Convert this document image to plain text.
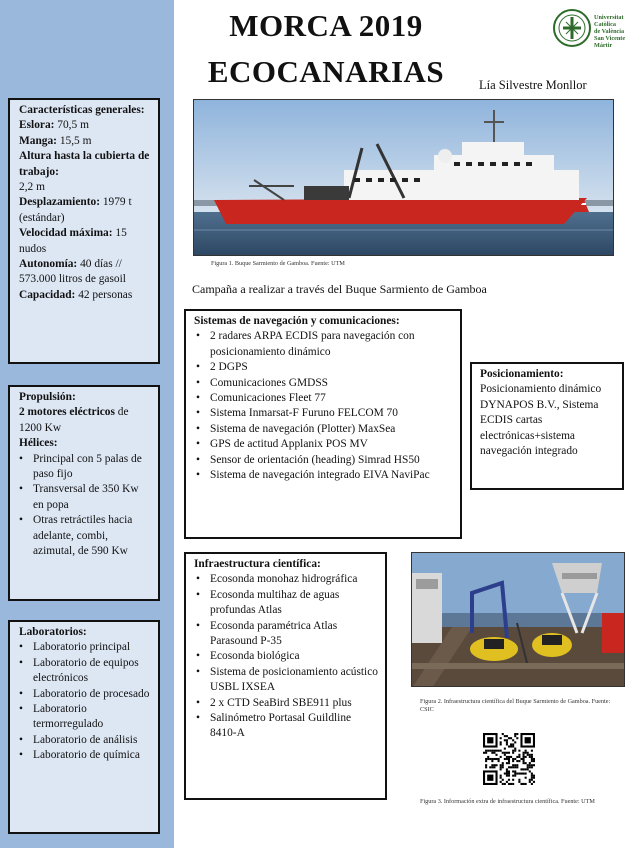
Características generales:
Eslora: 70,5 m
Manga: 15,5 m
Altura hasta la cubierta de trabajo:
2,2 m
Desplazamiento: 1979 t (estándar)
Velocidad máxima: 15 nudos
Autonomía: 40 días // 573.000 litros de gasoil
Capacidad: 42 personas
Propulsión:
2 motores eléctricos de 1200 Kw
Hélices:
• Principal con 5 palas de paso fijo
• Transversal de 350 Kw en popa
• Otras retráctiles hacia adelante, combi, azimutal, de 590 Kw
Laboratorios:
• Laboratorio principal
• Laboratorio de equipos electrónicos
• Laboratorio de procesado
• Laboratorio termorregulado
• Laboratorio de análisis
• Laboratorio de química
MORCA 2019
ECOCANARIAS	Lía Silvestre Monllor
Universitat
Catòlica
de València
San Vicente Mártir
Figura 1. Buque Sarmiento de Gamboa. Fuente: UTM
Campaña a realizar a través del Buque Sarmiento de Gamboa
Sistemas de navegación y comunicaciones:
• 2 radares ARPA ECDIS para navegación con posicionamiento dinámico
• 2 DGPS
• Comunicaciones GMDSS
• Comunicaciones Fleet 77
• Sistema Inmarsat-F Furuno FELCOM 70
• Sistema de navegación (Plotter) MaxSea
• GPS de actitud Applanix POS MV
• Sensor de orientación (heading) Simrad HS50
• Sistema de navegación integrado EIVA NaviPac
Posicionamiento:
Posicionamiento dinámico DYNAPOS B.V., Sistema ECDIS cartas electrónicas+sistema navegación integrado
Infraestructura científica:
• Ecosonda monohaz hidrográfica
• Ecosonda multihaz de aguas profundas Atlas
• Ecosonda paramétrica Atlas Parasound P-35
• Ecosonda biológica
• Sistema de posicionamiento acústico USBL IXSEA
• 2 x CTD SeaBird SBE911 plus
• Salinómetro Portasal Guildline 8410-A
Figura 2. Infraestructura científica del Buque Sarmiento de Gamboa. Fuente: CSIC
Figura 3. Información extra de infraestructura científica. Fuente: UTM
